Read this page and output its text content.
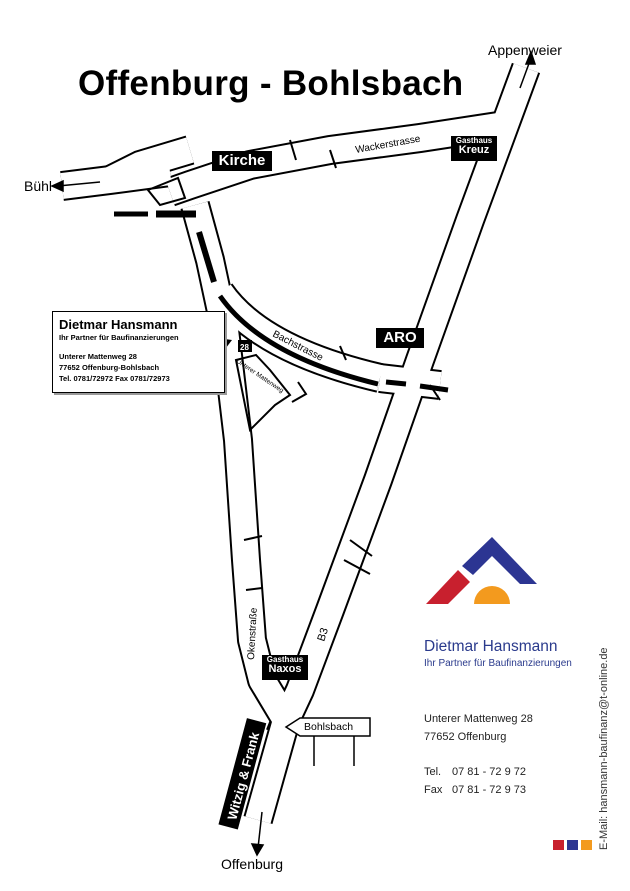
Wackerstrasse
Bachstrasse
Unterer Mattenweg
Okenstraße	B3
Witzig & Frank
28
Offenburg - Bohlsbach
Appenweier
Bühl
Offenburg
Kirche
ARO
Gasthaus
Kreuz
Gasthaus
Naxos
Bohlsbach
Dietmar Hansmann
Ihr Partner für Baufinanzierungen
Unterer Mattenweg 28
77652 Offenburg-Bohlsbach
Tel. 0781/72972 Fax 0781/72973
Dietmar Hansmann
Ihr Partner für Baufinanzierungen
Unterer Mattenweg 28
77652 Offenburg
Tel. 07 81 - 72 9 72
Fax 07 81 - 72 9 73	E-Mail: hansmann-baufinanz@t-online.de
